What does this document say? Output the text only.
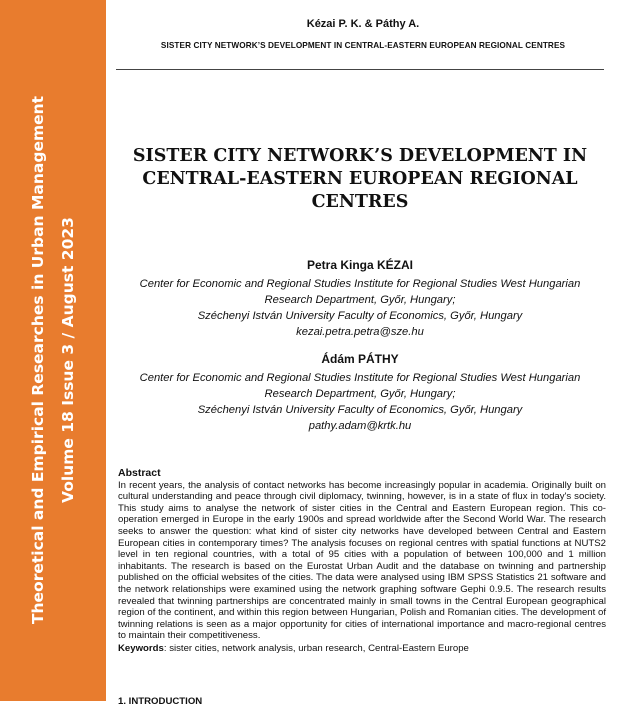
Theoretical and Empirical Researches in Urban Management Volume 18 Issue 3 / August 2023
Kézai P. K. & Páthy A.
SISTER CITY NETWORK’S DEVELOPMENT IN CENTRAL-EASTERN EUROPEAN REGIONAL CENTRES
SISTER CITY NETWORK’S DEVELOPMENT IN
CENTRAL-EASTERN EUROPEAN REGIONAL
CENTRES
Petra Kinga KÉZAI
Center for Economic and Regional Studies Institute for Regional Studies West Hungarian
Research Department, Győr, Hungary;
Széchenyi István University Faculty of Economics, Győr, Hungary
kezai.petra.petra@sze.hu
Ádám PÁTHY
Center for Economic and Regional Studies Institute for Regional Studies West Hungarian
Research Department, Győr, Hungary;
Széchenyi István University Faculty of Economics, Győr, Hungary
pathy.adam@krtk.hu
Abstract
In recent years, the analysis of contact networks has become increasingly popular in academia. Originally built on cultural understanding and peace through civil diplomacy, twinning, however, is in a state of flux in today's society. This study aims to analyse the network of sister cities in the Central and Eastern European region. This co-operation emerged in Europe in the early 1900s and spread worldwide after the Second World War. The research seeks to answer the question: what kind of sister city networks have developed between Central and Eastern European cities in contemporary times? The analysis focuses on regional centres with spatial functions at NUTS2 level in ten regional countries, with a total of 95 cities with a population of between 100,000 and 1 million inhabitants. The research is based on the Eurostat Urban Audit and the database on twinning and partnership published on the official websites of the cities. The data were analysed using IBM SPSS Statistics 21 software and the network relationships were examined using the network graphing software Gephi 0.9.5. The research results revealed that twinning partnerships are concentrated mainly in small towns in the Central European geographical region of the continent, and within this region between Hungarian, Polish and Romanian cities. The development of twinning relations is seen as a major opportunity for cities of international importance and macro-regional centres to maintain their competitiveness.
Keywords: sister cities, network analysis, urban research, Central-Eastern Europe
1. INTRODUCTION
